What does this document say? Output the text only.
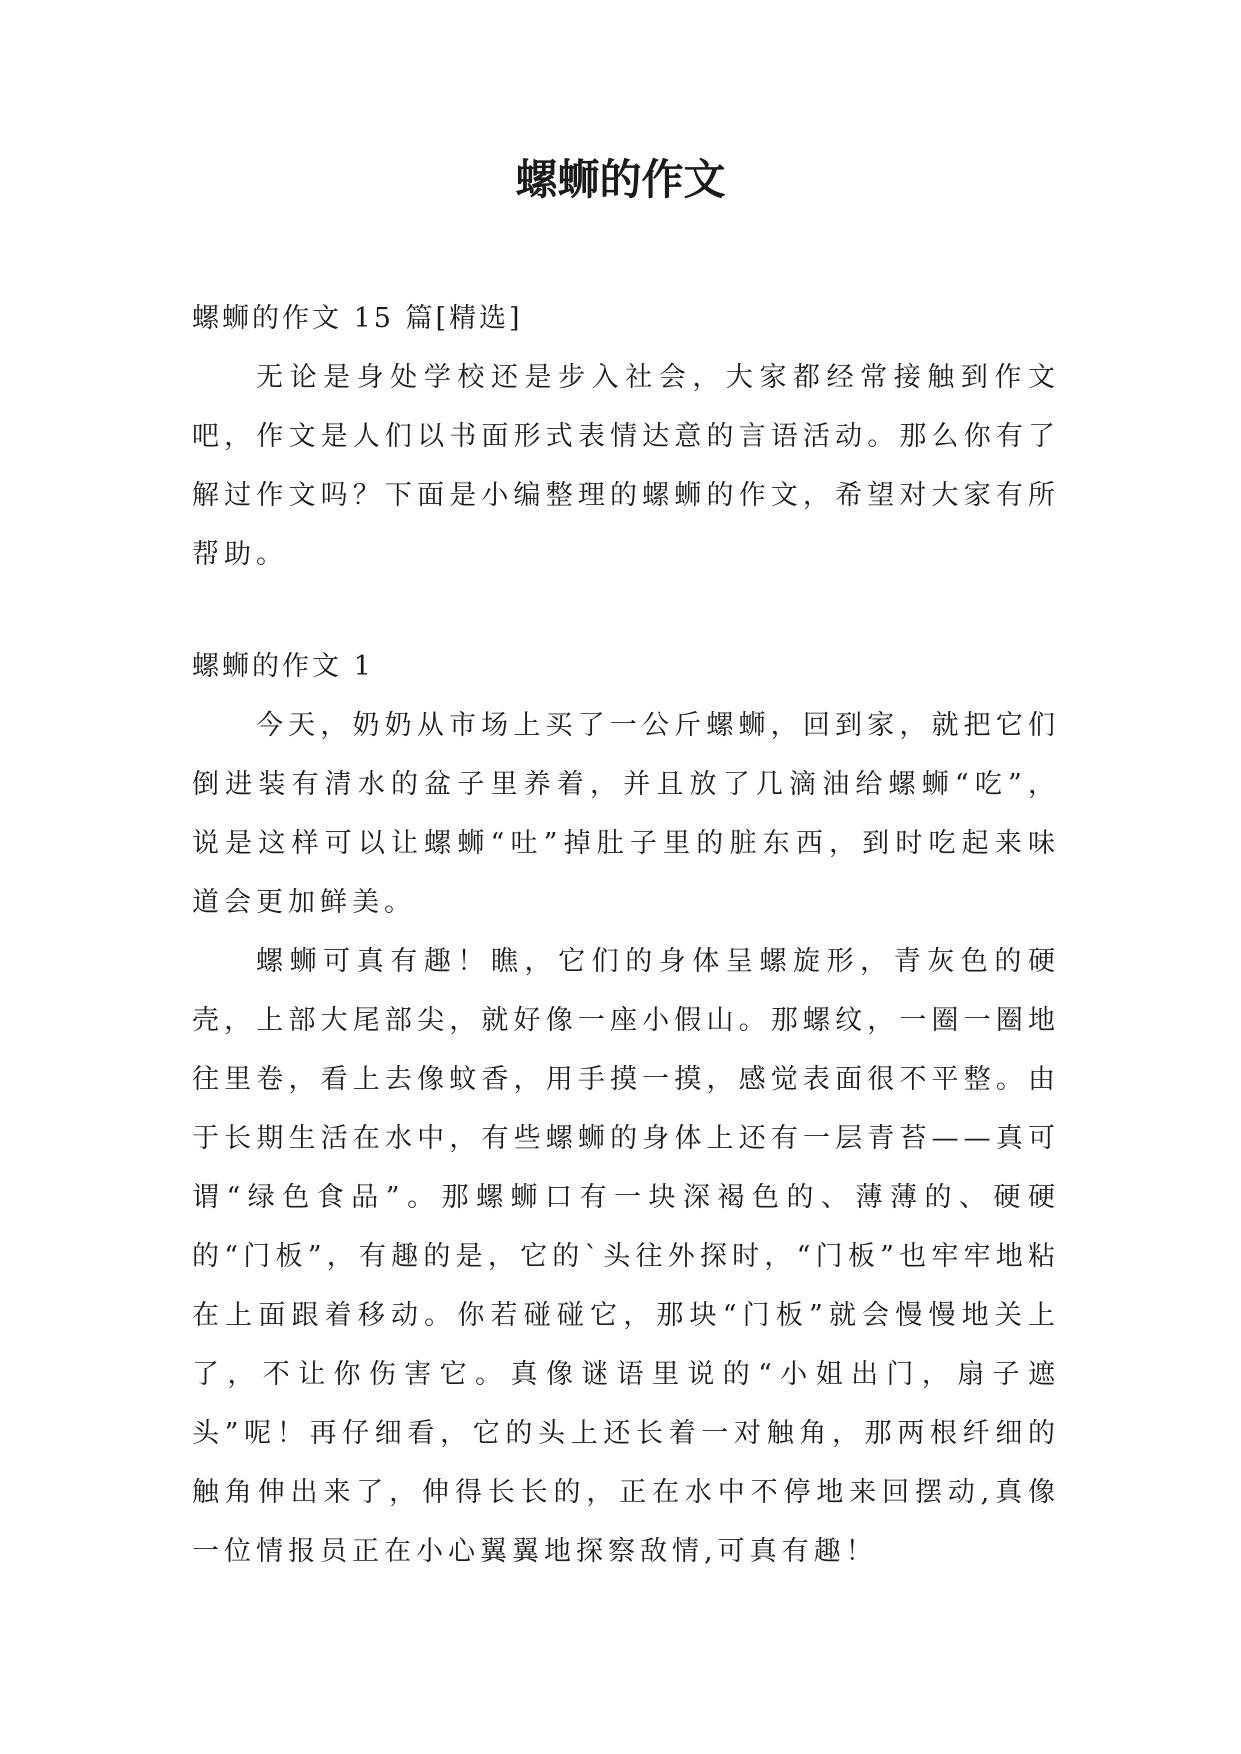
螺蛳的作文

螺蛳的作文 15 篇[精选]

无论是身处学校还是步入社会，大家都经常接触到作文吧，作文是人们以书面形式表情达意的言语活动。那么你有了解过作文吗？下面是小编整理的螺蛳的作文，希望对大家有所帮助。

螺蛳的作文 1

今天，奶奶从市场上买了一公斤螺蛳，回到家，就把它们倒进装有清水的盆子里养着，并且放了几滴油给螺蛳“吃”，说是这样可以让螺蛳“吐”掉肚子里的脏东西，到时吃起来味道会更加鲜美。

螺蛳可真有趣！瞧，它们的身体呈螺旋形，青灰色的硬壳，上部大尾部尖，就好像一座小假山。那螺纹，一圈一圈地往里卷，看上去像蚊香，用手摸一摸，感觉表面很不平整。由于长期生活在水中，有些螺蛳的身体上还有一层青苔——真可谓“绿色食品”。那螺蛳口有一块深褐色的、薄薄的、硬硬的“门板”，有趣的是，它的`头往外探时，“门板”也牢牢地粘在上面跟着移动。你若碰碰它，那块“门板”就会慢慢地关上了，不让你伤害它。真像谜语里说的“小姐出门，扇子遮头”呢！再仔细看，它的头上还长着一对触角，那两根纤细的触角伸出来了，伸得长长的，正在水中不停地来回摆动,真像一位情报员正在小心翼翼地探察敌情,可真有趣！
